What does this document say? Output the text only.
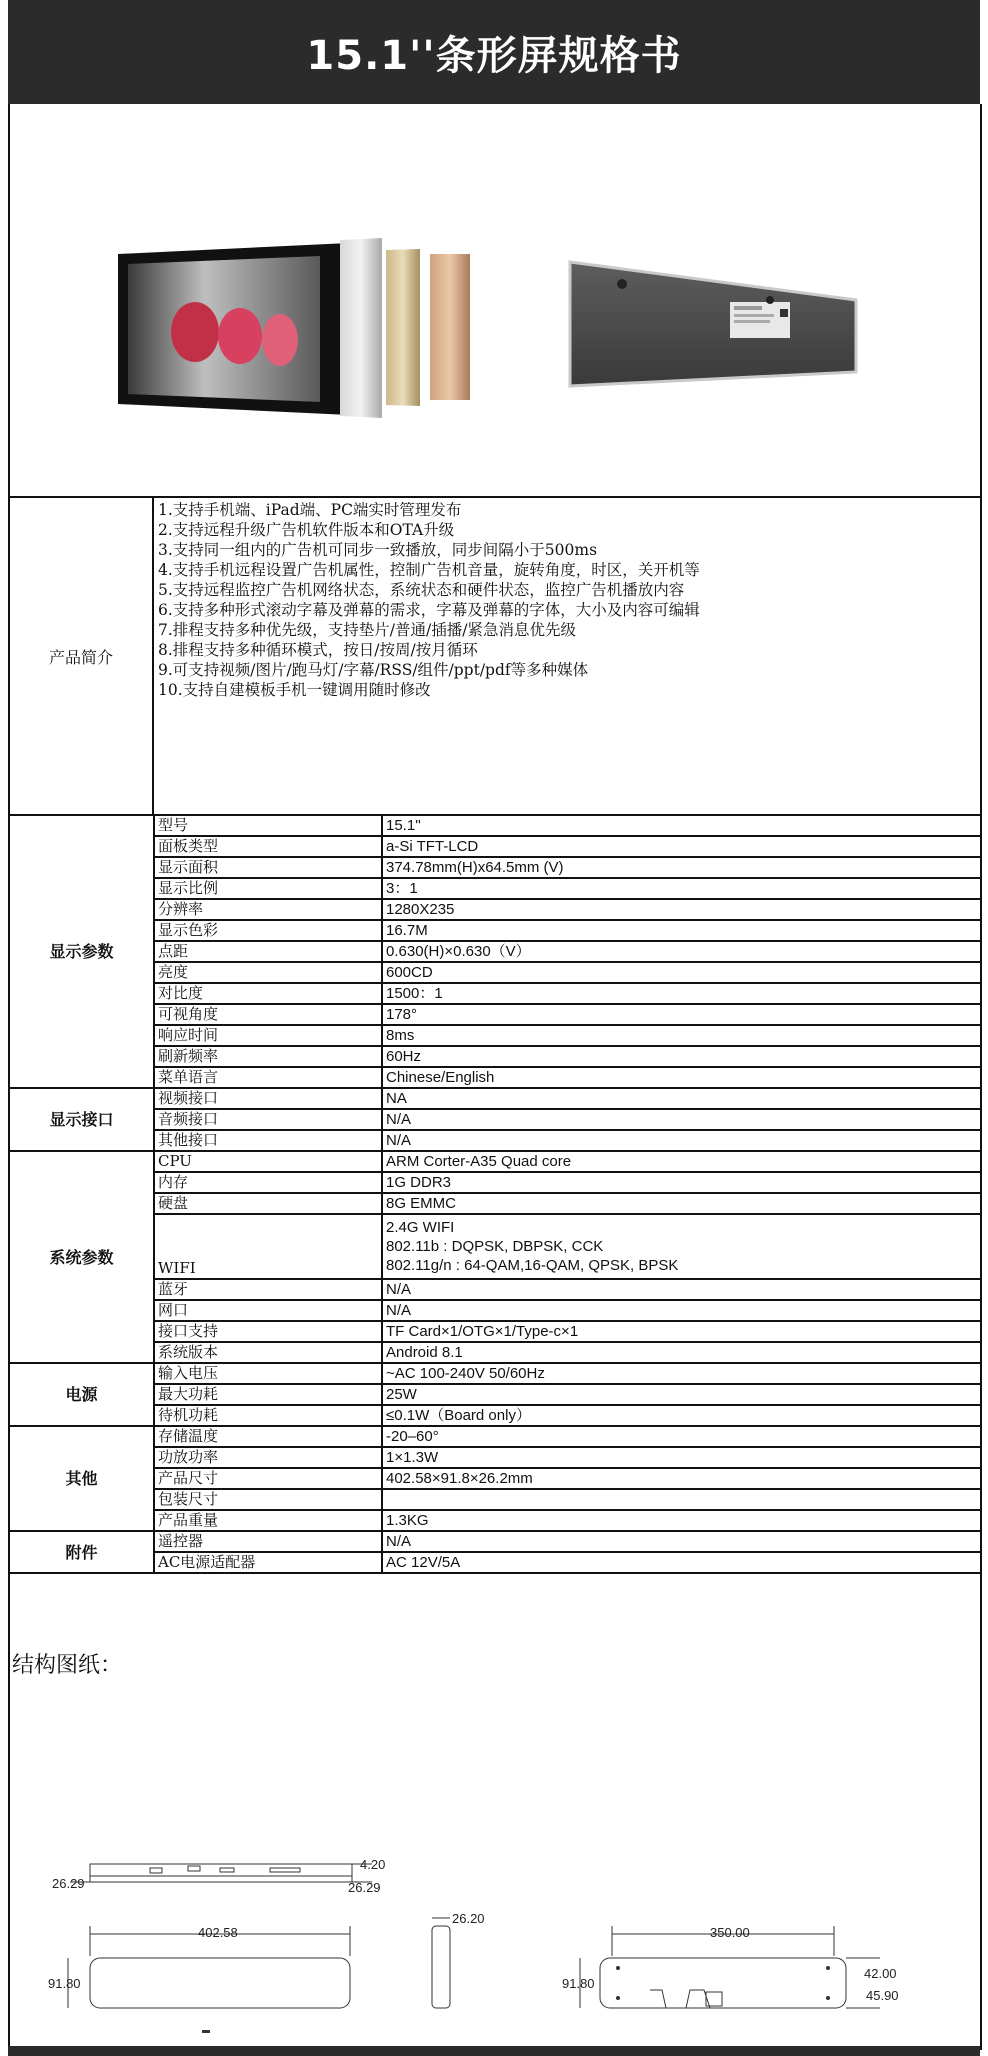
15.1''条形屏规格书
产品简介
1.支持手机端、iPad端、PC端实时管理发布
2.支持远程升级广告机软件版本和OTA升级
3.支持同一组内的广告机可同步一致播放，同步间隔小于500ms
4.支持手机远程设置广告机属性，控制广告机音量，旋转角度，时区，关开机等
5.支持远程监控广告机网络状态，系统状态和硬件状态，监控广告机播放内容
6.支持多种形式滚动字幕及弹幕的需求，字幕及弹幕的字体，大小及内容可编辑
7.排程支持多种优先级，支持垫片/普通/插播/紧急消息优先级
8.排程支持多种循环模式，按日/按周/按月循环
9.可支持视频/图片/跑马灯/字幕/RSS/组件/ppt/pdf等多种媒体
10.支持自建模板手机一键调用随时修改
显示参数	型号	15.1''
	面板类型	a-Si TFT-LCD
	显示面积	374.78mm(H)x64.5mm (V)
	显示比例	3：1
	分辨率	1280X235
	显示色彩	16.7M
	点距	0.630(H)×0.630（V）
	亮度	600CD
	对比度	1500：1
	可视角度	178°
	响应时间	8ms
	刷新频率	60Hz
	菜单语言	Chinese/English
显示接口	视频接口	NA
	音频接口	N/A
	其他接口	N/A
系统参数	CPU	ARM Corter-A35 Quad core
	内存	1G DDR3
	硬盘	8G EMMC
	WIFI	2.4G WIFI
802.11b : DQPSK, DBPSK, CCK
802.11g/n : 64-QAM,16-QAM, QPSK, BPSK

	蓝牙	N/A
	网口	N/A
	接口支持	TF Card×1/OTG×1/Type-c×1
	系统版本	Android 8.1
电源	输入电压	~AC 100-240V 50/60Hz
	最大功耗	25W
	待机功耗	≤0.1W（Board only）
其他	存储温度	-20–60°
	功放功率	1×1.3W
	产品尺寸	402.58×91.8×26.2mm
	包装尺寸	
	产品重量	1.3KG
附件	遥控器	N/A
	AC电源适配器	AC 12V/5A
结构图纸：
26.29	26.29
4.20
402.58
91.80
26.20
350.00
91.80
42.00
45.90
